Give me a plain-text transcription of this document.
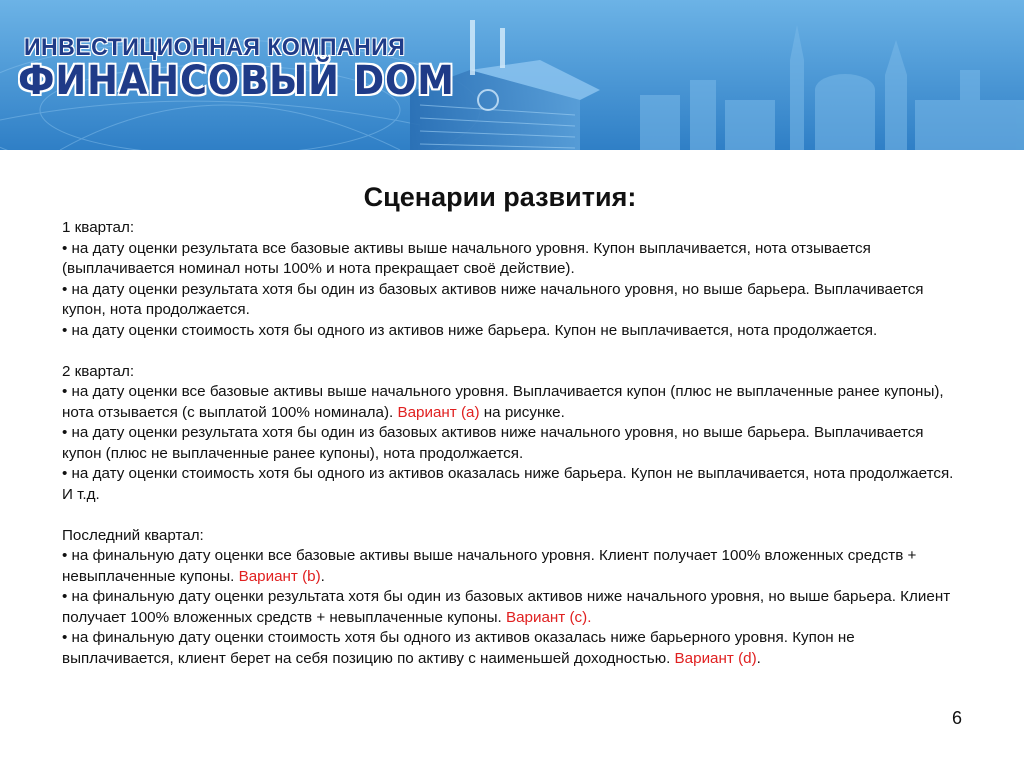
ИНВЕСТИЦИОННАЯ КОМПАНИЯ
ФИНАНСОВЫЙ DOM
Сценарии развития:
1 квартал:
• на дату оценки результата все базовые активы выше начального уровня. Купон выплачивается, нота отзывается (выплачивается номинал ноты 100% и нота прекращает своё действие).
• на дату оценки результата хотя бы один из базовых активов ниже начального уровня, но выше барьера. Выплачивается купон, нота продолжается.
• на дату оценки стоимость хотя бы одного из активов ниже барьера. Купон не выплачивается, нота продолжается.
2 квартал:
• на дату оценки все базовые активы выше начального уровня. Выплачивается купон (плюс не выплаченные ранее купоны), нота отзывается (с выплатой 100% номинала). Вариант (а) на рисунке.
• на дату оценки результата хотя бы один из базовых активов ниже начального уровня, но выше барьера. Выплачивается купон (плюс не выплаченные ранее купоны), нота продолжается.
• на дату оценки стоимость хотя бы одного из активов оказалась ниже барьера. Купон не выплачивается, нота продолжается.
И т.д.
Последний квартал:
• на финальную дату оценки все базовые активы выше начального уровня. Клиент получает 100% вложенных средств + невыплаченные купоны. Вариант (b).
• на финальную дату оценки результата хотя бы один из базовых активов ниже начального уровня, но выше барьера. Клиент получает 100% вложенных средств + невыплаченные купоны. Вариант (c).
• на финальную дату оценки стоимость хотя бы одного из активов оказалась ниже барьерного уровня. Купон не выплачивается, клиент берет на себя позицию по активу с наименьшей доходностью. Вариант (d).
6
